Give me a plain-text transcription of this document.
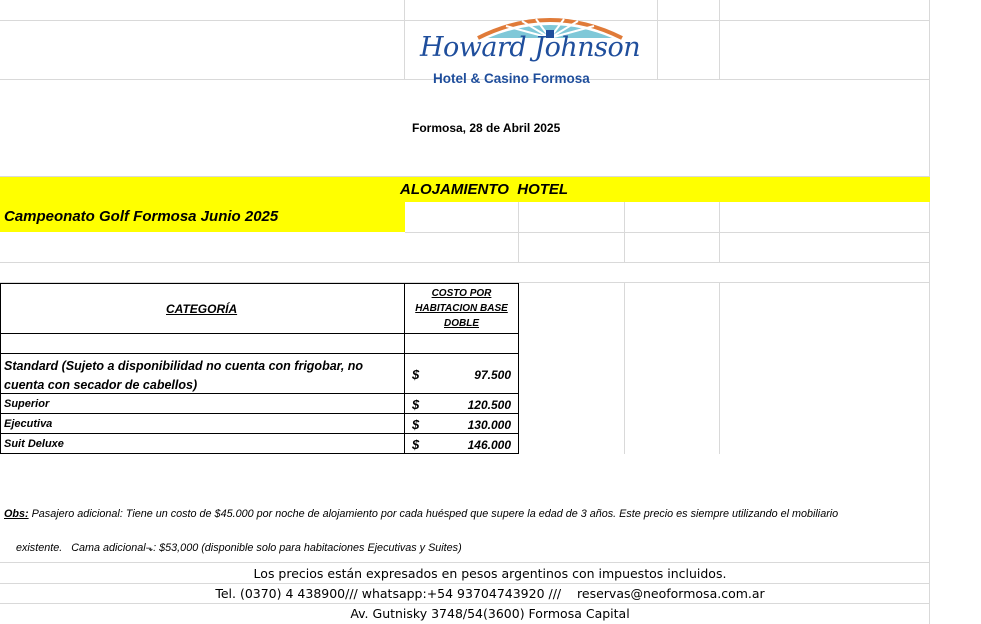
Howard Johnson
Hotel & Casino Formosa
Formosa, 28 de Abril 2025
ALOJAMIENTO  HOTEL
Campeonato Golf Formosa Junio 2025
CATEGORÍA
COSTO POR
HABITACION BASE
DOBLE
Standard (Sujeto a disponibilidad no cuenta con frigobar, no
cuenta con secador de cabellos)
$	97.500
Superior	$	120.500
Ejecutiva	$	130.000
Suit Deluxe	$	146.000
Obs: Pasajero adicional: Tiene un costo de $45.000 por noche de alojamiento por cada huésped que supere la edad de 3 años. Este precio es siempre utilizando el mobiliario

existente.   Cama adicional⬎: $53,000 (disponible solo para habitaciones Ejecutivas y Suites)

Los precios están expresados en pesos argentinos con impuestos incluidos.
Tel. (0370) 4 438900/// whatsapp:+54 93704743920 ///    reservas@neoformosa.com.ar
Av. Gutnisky 3748/54(3600) Formosa Capital
